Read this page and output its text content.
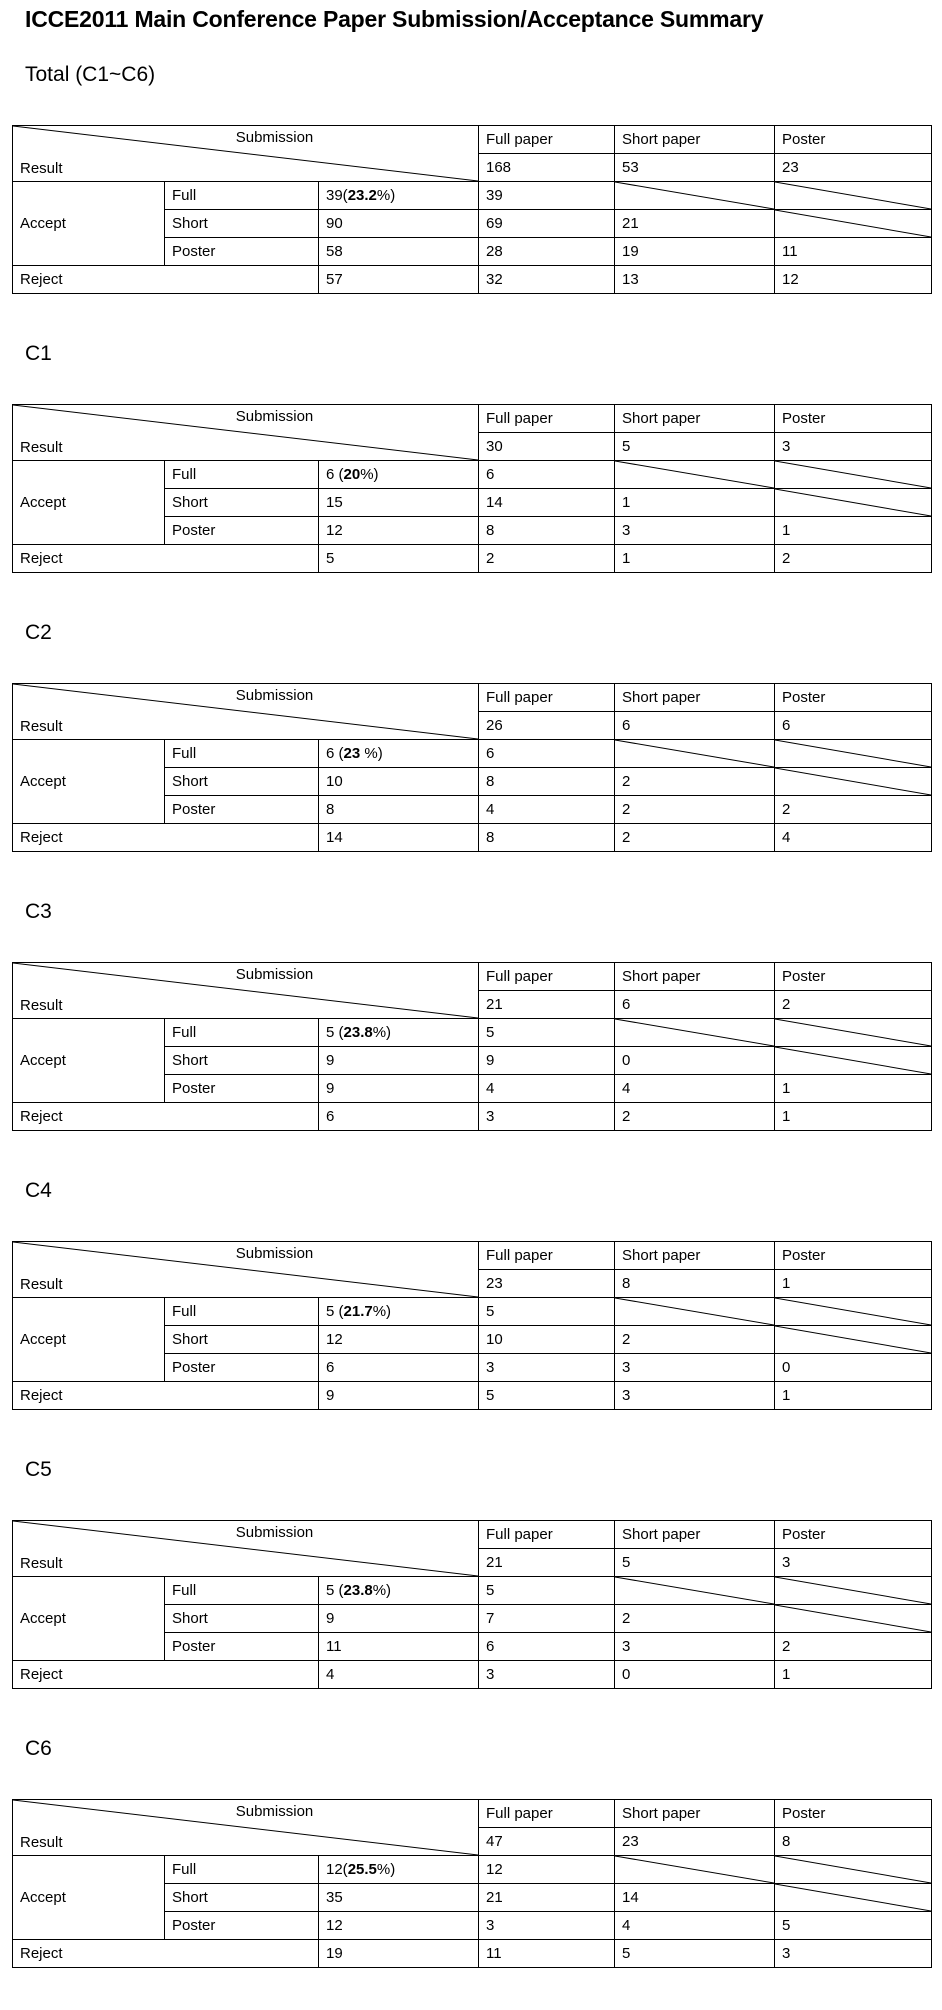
ICCE2011 Main Conference Paper Submission/Acceptance Summary
Total (C1~C6)
Submission
Result			Full paper	Short paper	Poster
			168	53	23
Accept	Full	39(23.2%)	39	

	Short	90	69	21	

	Poster	58	28	19	11
Reject		57	32	13	12
C1
Submission
Result			Full paper	Short paper	Poster
			30	5	3
Accept	Full	6 (20%)	6	

	Short	15	14	1	

	Poster	12	8	3	1
Reject		5	2	1	2
C2
Submission
Result			Full paper	Short paper	Poster
			26	6	6
Accept	Full	6 (23 %)	6	

	Short	10	8	2	

	Poster	8	4	2	2
Reject		14	8	2	4
C3
Submission
Result			Full paper	Short paper	Poster
			21	6	2
Accept	Full	5 (23.8%)	5	

	Short	9	9	0	

	Poster	9	4	4	1
Reject		6	3	2	1
C4
Submission
Result			Full paper	Short paper	Poster
			23	8	1
Accept	Full	5 (21.7%)	5	

	Short	12	10	2	

	Poster	6	3	3	0
Reject		9	5	3	1
C5
Submission
Result			Full paper	Short paper	Poster
			21	5	3
Accept	Full	5 (23.8%)	5	

	Short	9	7	2	

	Poster	11	6	3	2
Reject		4	3	0	1
C6
Submission
Result			Full paper	Short paper	Poster
			47	23	8
Accept	Full	12(25.5%)	12	

	Short	35	21	14	

	Poster	12	3	4	5
Reject		19	11	5	3
